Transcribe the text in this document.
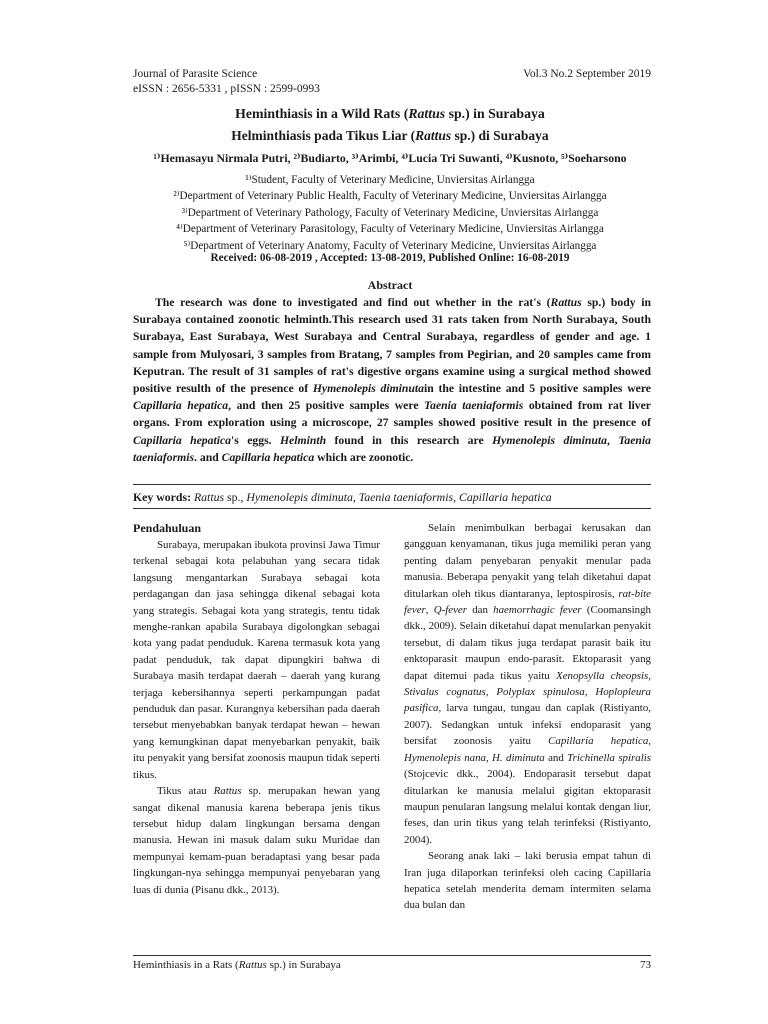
Journal of Parasite Science	Vol.3 No.2 September 2019
eISSN : 2656-5331 , pISSN : 2599-0993
Heminthiasis in a Wild Rats (Rattus sp.) in Surabaya
Helminthiasis pada Tikus Liar (Rattus sp.) di Surabaya
¹⁾Hemasayu Nirmala Putri, ²⁾Budiarto, ³⁾Arimbi, ⁴⁾Lucia Tri Suwanti, ⁴⁾Kusnoto, ⁵⁾Soeharsono
¹⁾Student, Faculty of Veterinary Medicine, Unviersitas Airlangga
²⁾Department of Veterinary Public Health, Faculty of Veterinary Medicine, Unviersitas Airlangga
³⁾Department of Veterinary Pathology, Faculty of Veterinary Medicine, Unviersitas Airlangga
⁴⁾Department of Veterinary Parasitology, Faculty of Veterinary Medicine, Unviersitas Airlangga
⁵⁾Department of Veterinary Anatomy, Faculty of Veterinary Medicine, Unviersitas Airlangga
Received: 06-08-2019 , Accepted: 13-08-2019, Published Online: 16-08-2019
Abstract

The research was done to investigated and find out whether in the rat's (Rattus sp.) body in Surabaya contained zoonotic helminth.This research used 31 rats taken from North Surabaya, South Surabaya, East Surabaya, West Surabaya and Central Surabaya, regardless of gender and age. 1 sample from Mulyosari, 3 samples from Bratang, 7 samples from Pegirian, and 20 samples came from Keputran. The result of 31 samples of rat's digestive organs examine using a surgical method showed positive resulth of the presence of Hymenolepis diminutain the intestine and 5 positive samples were Capillaria hepatica, and then 25 positive samples were Taenia taeniaformis obtained from rat liver organs. From exploration using a microscope, 27 samples showed positive result in the presence of Capillaria hepatica's eggs. Helminth found in this research are Hymenolepis diminuta, Taenia taeniaformis. and Capillaria hepatica which are zoonotic.

Key words: Rattus sp., Hymenolepis diminuta, Taenia taeniaformis, Capillaria hepatica
Pendahuluan

Surabaya, merupakan ibukota provinsi Jawa Timur terkenal sebagai kota pelabuhan yang secara tidak langsung mengantarkan Surabaya sebagai kota perdagangan dan jasa sehingga dikenal sebagai kota yang strategis. Sebagai kota yang strategis, tentu tidak menghe-rankan apabila Surabaya digolongkan sebagai kota yang padat penduduk. Karena termasuk kota yang padat penduduk, tak dapat dipungkiri bahwa di Surabaya masih terdapat daerah – daerah yang kurang terjaga kebersihannya seperti perkampungan padat penduduk dan pasar. Kurangnya kebersihan pada daerah tersebut menyebabkan banyak terdapat hewan – hewan yang kemungkinan dapat menyebarkan penyakit, baik itu penyakit yang bersifat zoonosis maupun tidak seperti tikus.

Tikus atau Rattus sp. merupakan hewan yang sangat dikenal manusia karena beberapa jenis tikus tersebut hidup dalam lingkungan bersama dengan manusia. Hewan ini masuk dalam suku Muridae dan mempunyai kemam-puan beradaptasi yang besar pada lingkungan-nya sehingga mempunyai penyebaran yang luas di dunia (Pisanu dkk., 2013).

Selain menimbulkan berbagai kerusakan dan gangguan kenyamanan, tikus juga memiliki peran yang penting dalam penyebaran penyakit menular pada manusia. Beberapa penyakit yang telah diketahui dapat ditularkan oleh tikus diantaranya, leptospirosis, rat-bite fever, Q-fever dan haemorrhagic fever (Coomansingh dkk., 2009). Selain diketahui dapat menularkan penyakit tersebut, di dalam tikus juga terdapat parasit baik itu enktoparasit maupun endo-parasit. Ektoparasit yang dapat ditemui pada tikus yaitu Xenopsylla cheopsis, Stivalus cognatus, Polyplax spinulosa, Hoplopleura pasifica, larva tungau, tungau dan caplak (Ristiyanto, 2007). Sedangkan untuk infeksi endoparasit yang bersifat zoonosis yaitu Capillaria hepatica, Hymenolepis nana, H. diminuta and Trichinella spiralis (Stojcevic dkk., 2004). Endoparasit tersebut dapat ditularkan ke manusia melalui gigitan ektoparasit maupun penularan langsung melalui kontak dengan liur, feses, dan urin tikus yang telah terinfeksi (Ristiyanto, 2004).

Seorang anak laki – laki berusia empat tahun di Iran juga dilaporkan terinfeksi oleh cacing Capillaria hepatica setelah menderita demam intermiten selama dua bulan dan

Heminthiasis in a Rats (Rattus sp.) in Surabaya	73
